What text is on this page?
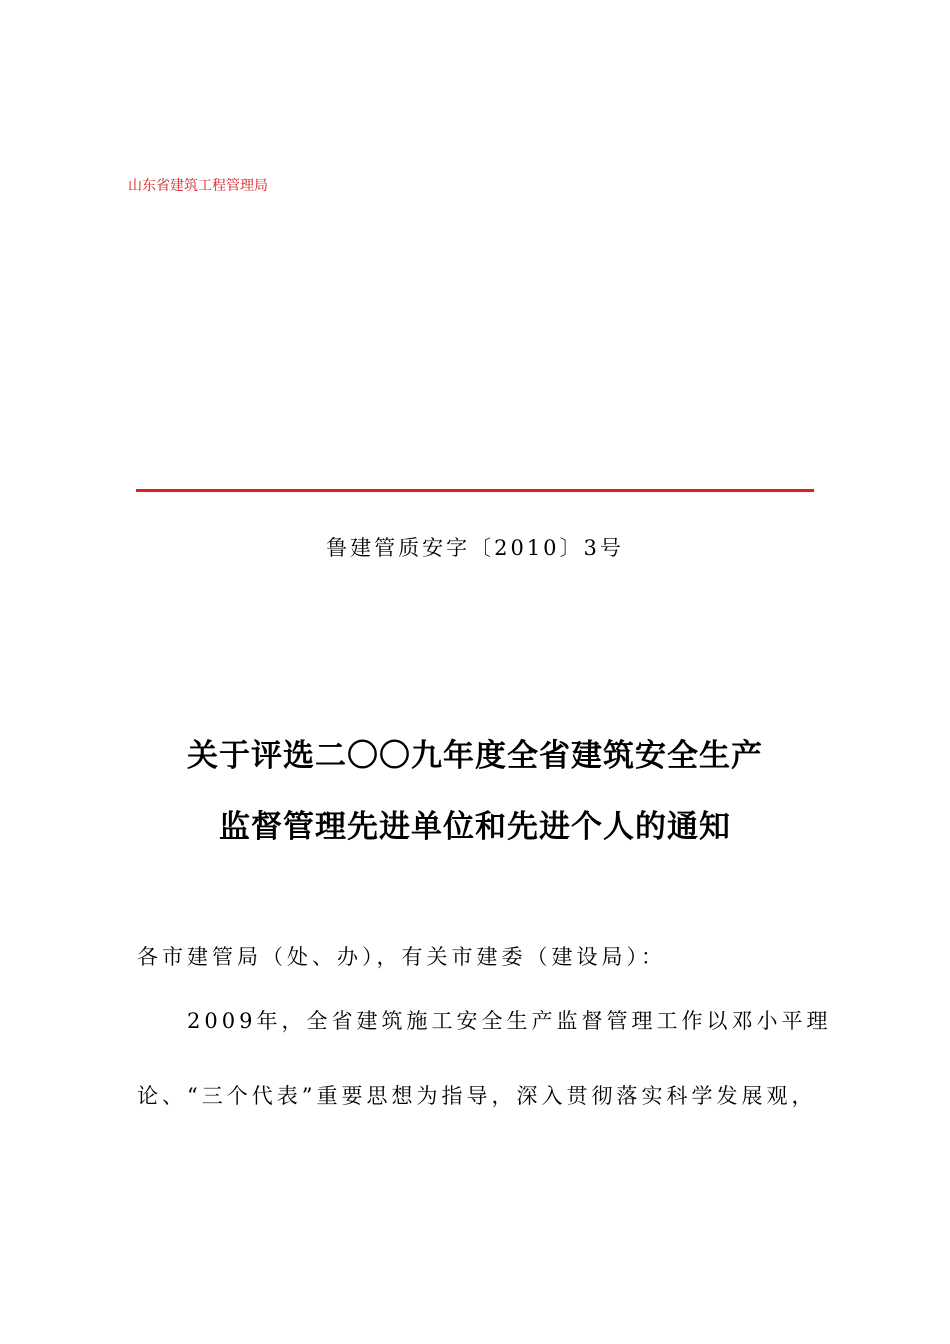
山东省建筑工程管理局
鲁建管质安字〔2010〕3号
关于评选二〇〇九年度全省建筑安全生产
监督管理先进单位和先进个人的通知
各市建管局（处、办），有关市建委（建设局）：
2009年，全省建筑施工安全生产监督管理工作以邓小平理
论、“三个代表”重要思想为指导，深入贯彻落实科学发展观，
